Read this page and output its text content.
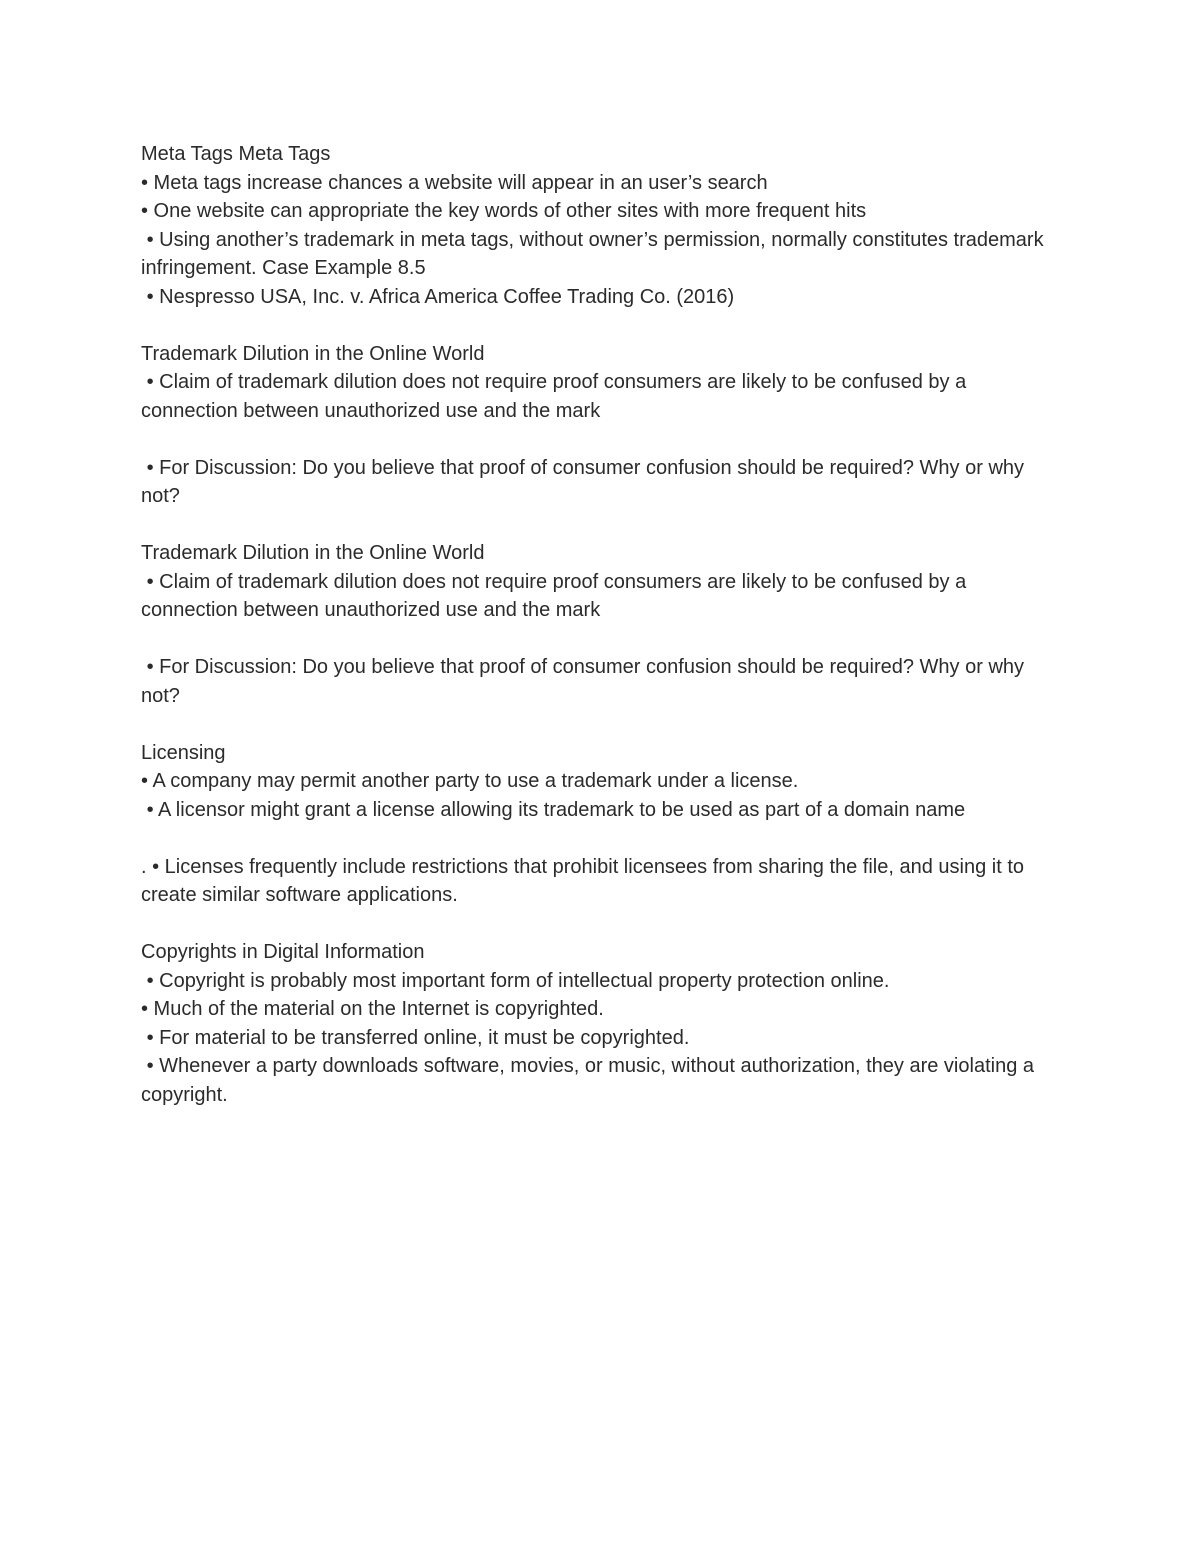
Meta Tags Meta Tags

• Meta tags increase chances a website will appear in an user’s search

• One website can appropriate the key words of other sites with more frequent hits

• Using another’s trademark in meta tags, without owner’s permission, normally constitutes trademark infringement. Case Example 8.5

• Nespresso USA, Inc. v. Africa America Coffee Trading Co. (2016)

Trademark Dilution in the Online World

• Claim of trademark dilution does not require proof consumers are likely to be confused by a connection between unauthorized use and the mark

• For Discussion: Do you believe that proof of consumer confusion should be required? Why or why not?

Trademark Dilution in the Online World

• Claim of trademark dilution does not require proof consumers are likely to be confused by a connection between unauthorized use and the mark

• For Discussion: Do you believe that proof of consumer confusion should be required? Why or why not?

Licensing

• A company may permit another party to use a trademark under a license.

• A licensor might grant a license allowing its trademark to be used as part of a domain name

. • Licenses frequently include restrictions that prohibit licensees from sharing the file, and using it to create similar software applications.

Copyrights in Digital Information

• Copyright is probably most important form of intellectual property protection online.

• Much of the material on the Internet is copyrighted.

• For material to be transferred online, it must be copyrighted.

• Whenever a party downloads software, movies, or music, without authorization, they are violating a copyright.
